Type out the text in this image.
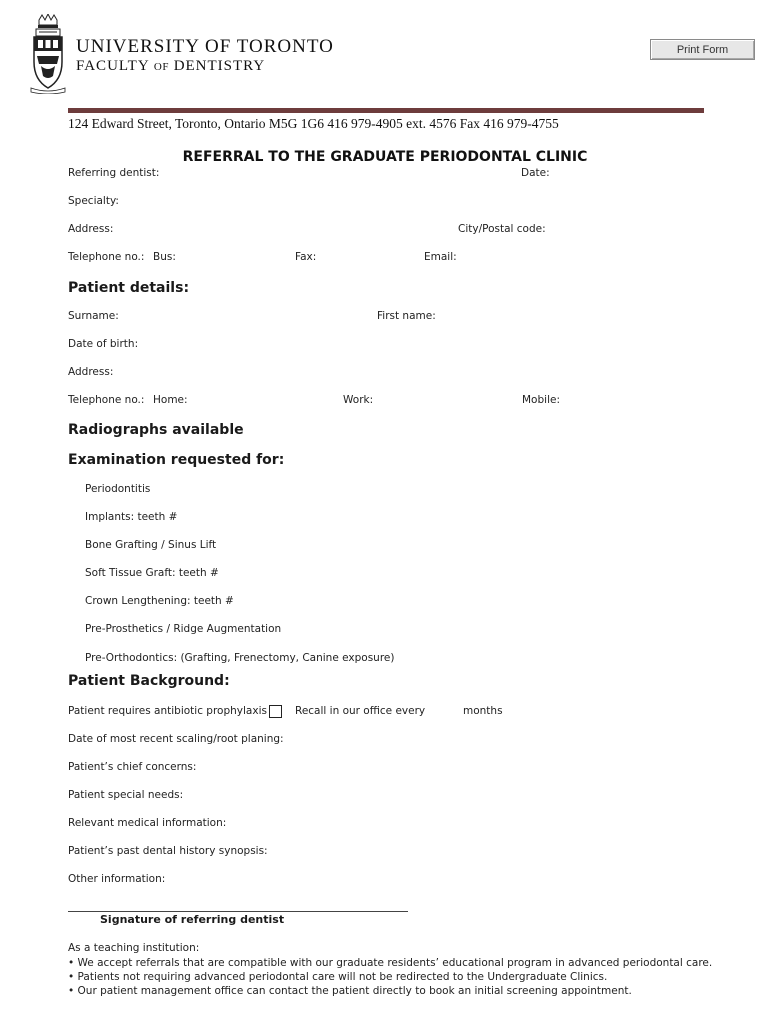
UNIVERSITY OF TORONTO
FACULTY OF DENTISTRY
Print Form
124 Edward Street, Toronto, Ontario M5G 1G6 416 979-4905 ext. 4576 Fax 416 979-4755
REFERRAL TO THE GRADUATE PERIODONTAL CLINIC
Referring dentist:	Date:
Specialty:
Address:	City/Postal code:
Telephone no.: Bus:	Fax:	Email:
Patient details:
Surname:	First name:
Date of birth:
Address:
Telephone no.: Home:	Work:	Mobile:
Radiographs available
Examination requested for:
Periodontitis
Implants: teeth #
Bone Grafting / Sinus Lift
Soft Tissue Graft: teeth #
Crown Lengthening: teeth #
Pre-Prosthetics / Ridge Augmentation
Pre-Orthodontics: (Grafting, Frenectomy, Canine exposure)
Patient Background:
Patient requires antibiotic prophylaxis	Recall in our office every	months
Date of most recent scaling/root planing:
Patient’s chief concerns:
Patient special needs:
Relevant medical information:
Patient’s past dental history synopsis:
Other information:
Signature of referring dentist
As a teaching institution:
• We accept referrals that are compatible with our graduate residents’ educational program in advanced periodontal care.
• Patients not requiring advanced periodontal care will not be redirected to the Undergraduate Clinics.
• Our patient management office can contact the patient directly to book an initial screening appointment.
